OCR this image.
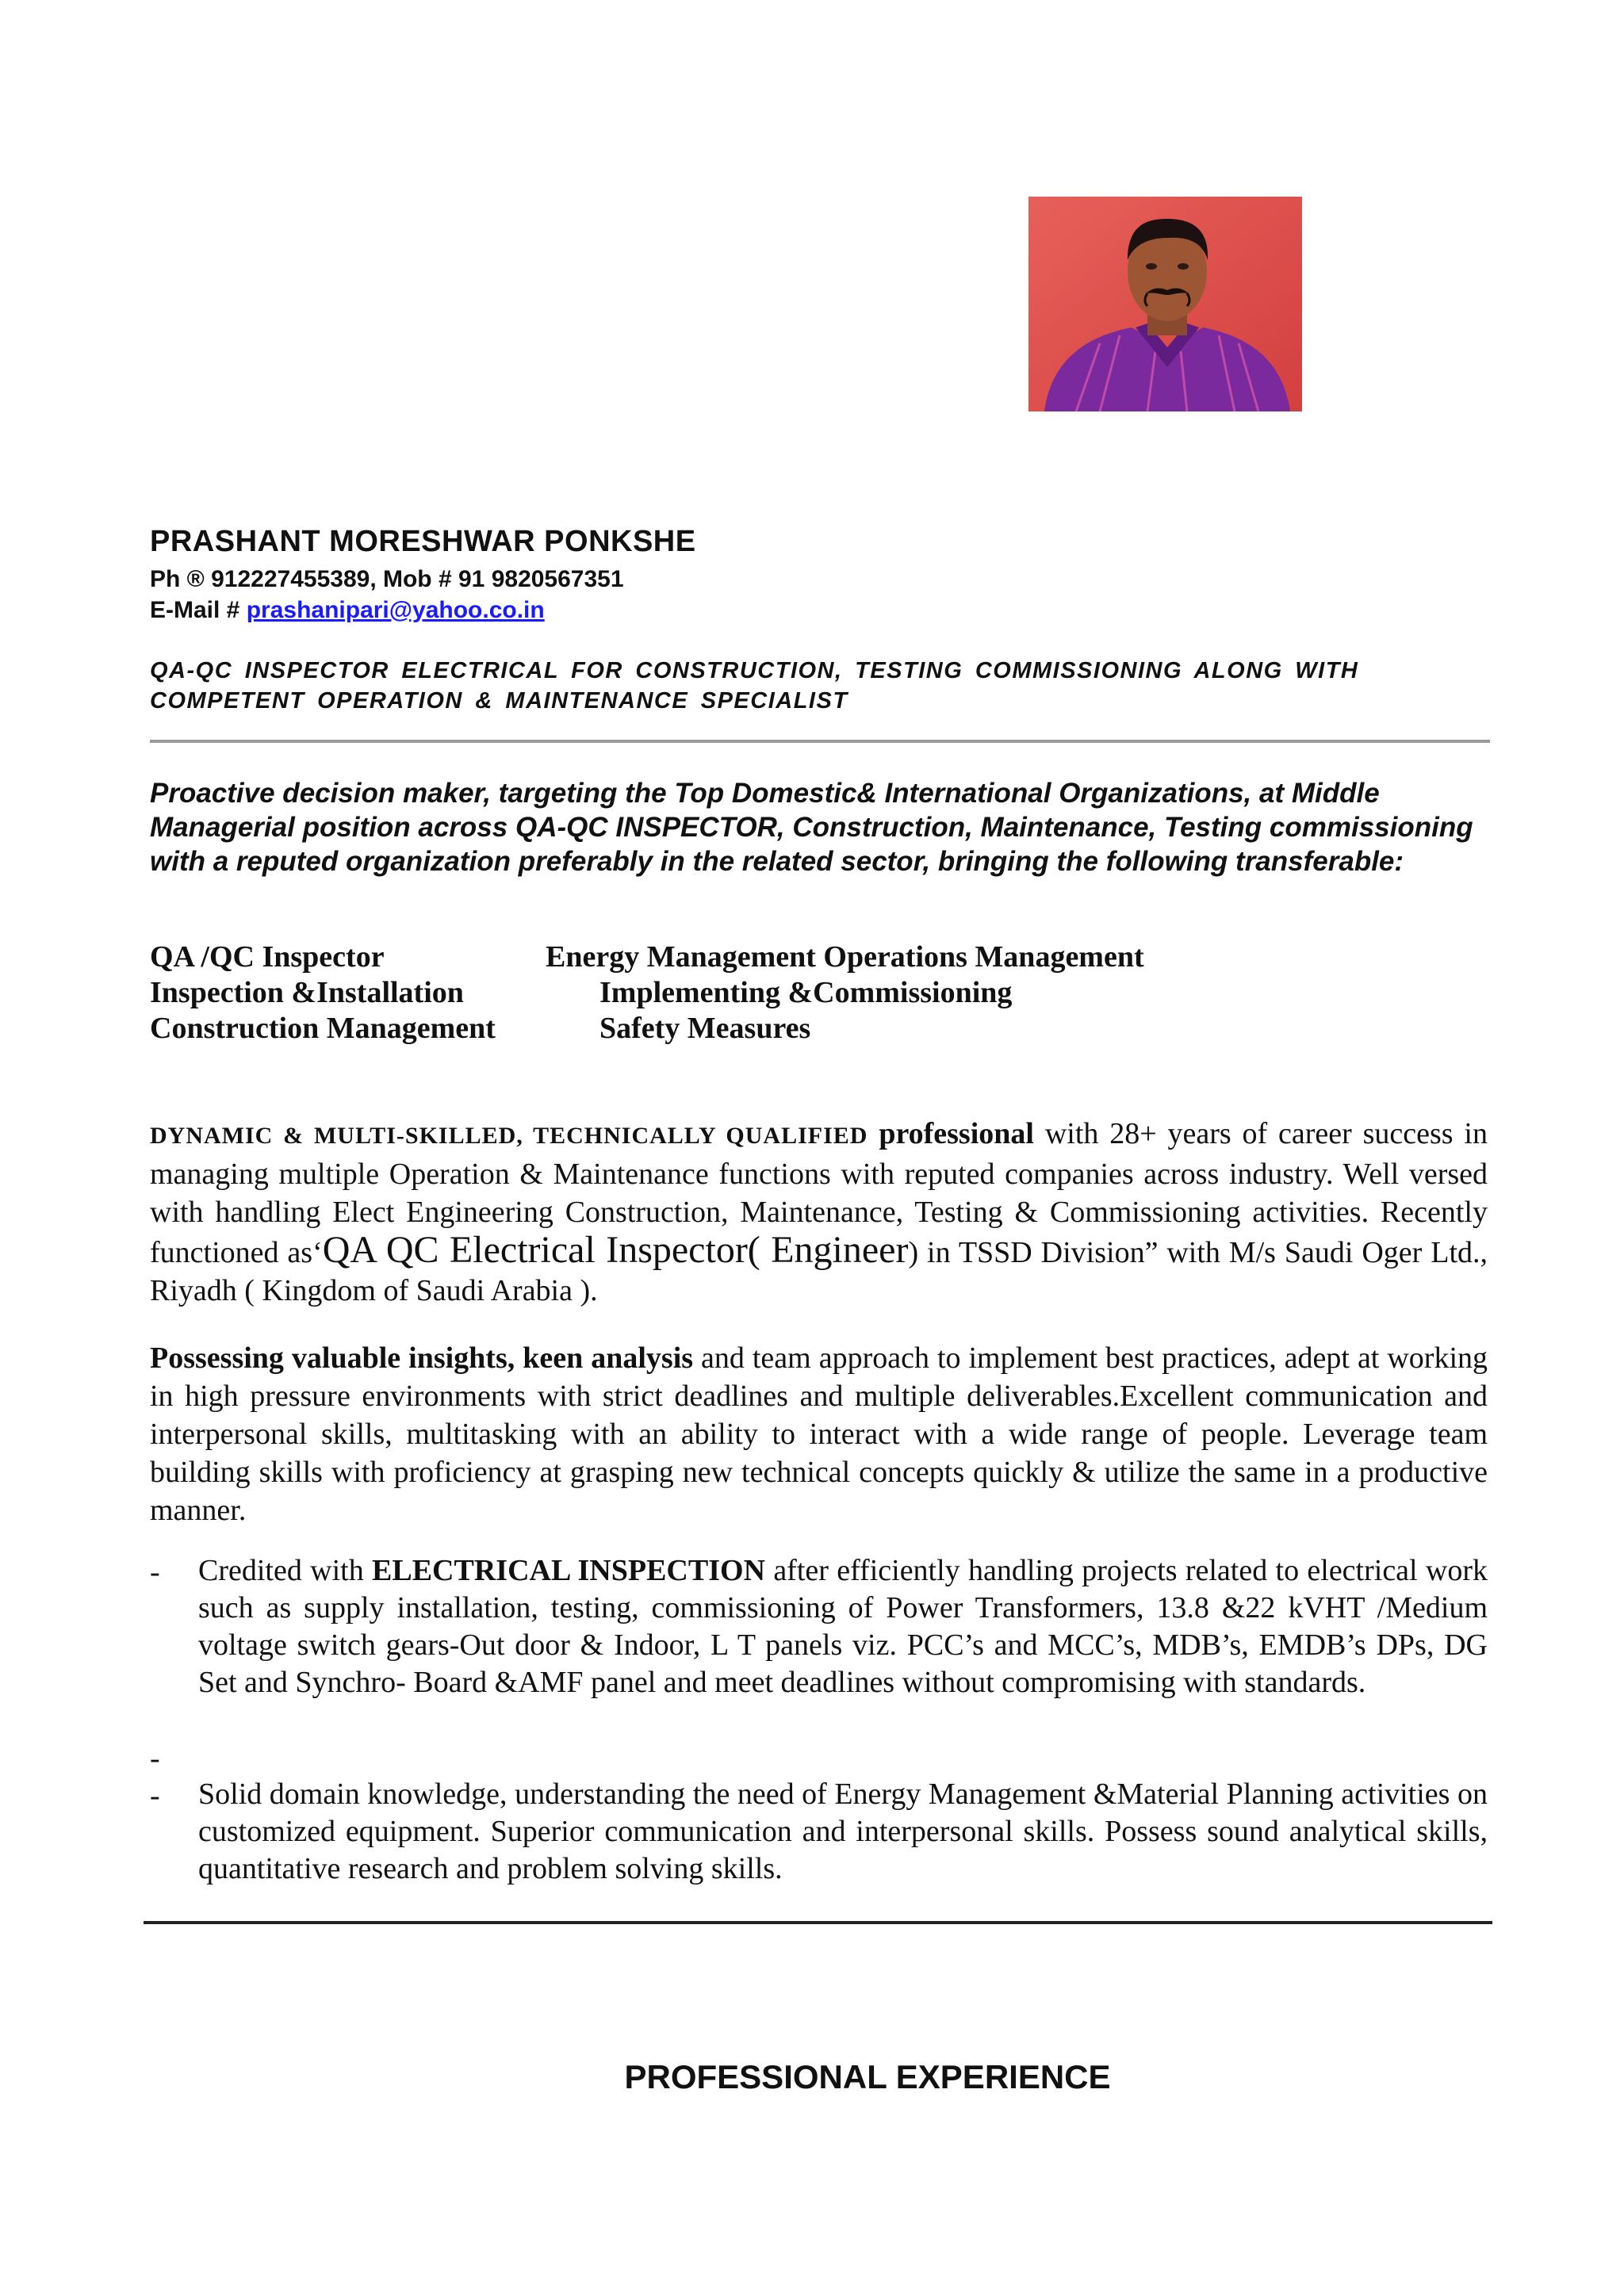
PRASHANT MORESHWAR PONKSHE
Ph ® 912227455389, Mob # 91 9820567351
E-Mail # prashanipari@yahoo.co.in
QA-QC INSPECTOR ELECTRICAL FOR CONSTRUCTION, TESTING COMMISSIONING ALONG WITH COMPETENT OPERATION & MAINTENANCE SPECIALIST
Proactive decision maker, targeting the Top Domestic& International Organizations, at Middle Managerial position across QA-QC INSPECTOR, Construction, Maintenance, Testing commissioning with a reputed organization preferably in the related sector, bringing the following transferable:
QA /QC Inspector
Inspection &Installation
Construction Management
Energy Management Operations Management
Implementing &Commissioning
Safety Measures
DYNAMIC & MULTI-SKILLED, TECHNICALLY QUALIFIED professional with 28+ years of career success in managing multiple Operation & Maintenance functions with reputed companies across industry. Well versed with handling Elect Engineering Construction, Maintenance, Testing & Commissioning activities. Recently functioned as‘QA QC Electrical Inspector( Engineer) in TSSD Division” with M/s Saudi Oger Ltd., Riyadh ( Kingdom of Saudi Arabia ).
Possessing valuable insights, keen analysis and team approach to implement best practices, adept at working in high pressure environments with strict deadlines and multiple deliverables.Excellent communication and interpersonal skills, multitasking with an ability to interact with a wide range of people. Leverage team building skills with proficiency at grasping new technical concepts quickly & utilize the same in a productive manner.
- Credited with ELECTRICAL INSPECTION after efficiently handling projects related to electrical work such as supply installation, testing, commissioning of Power Transformers, 13.8 &22 kVHT /Medium voltage switch gears-Out door & Indoor, L T panels viz. PCC’s and MCC’s, MDB’s, EMDB’s DPs, DG Set and Synchro- Board &AMF panel and meet deadlines without compromising with standards.
-
- Solid domain knowledge, understanding the need of Energy Management &Material Planning activities on customized equipment. Superior communication and interpersonal skills. Possess sound analytical skills, quantitative research and problem solving skills.
PROFESSIONAL EXPERIENCE
